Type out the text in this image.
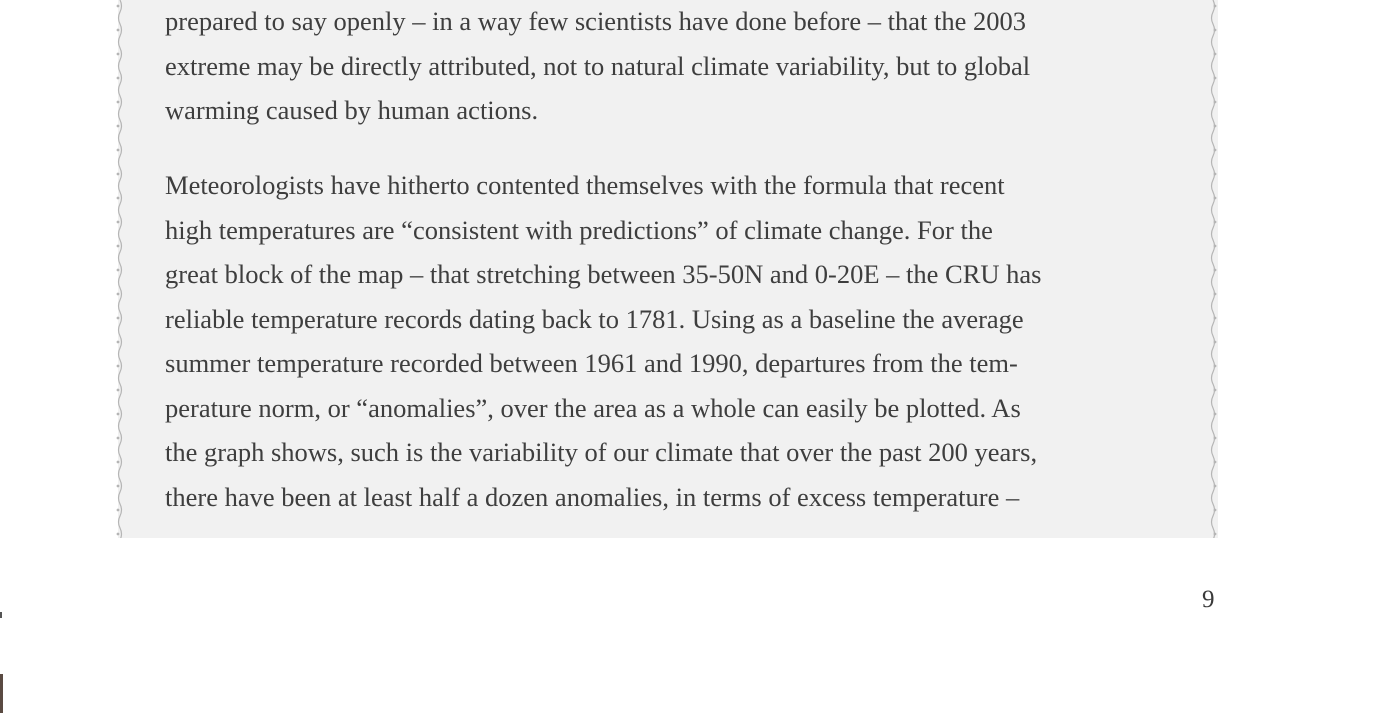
prepared to say openly – in a way few scientists have done before – that the 2003
extreme may be directly attributed, not to natural climate variability, but to global
warming caused by human actions.

Meteorologists have hitherto contented themselves with the formula that recent
high temperatures are “consistent with predictions” of climate change. For the
great block of the map – that stretching between 35-50N and 0-20E – the CRU has
reliable temperature records dating back to 1781. Using as a baseline the average
summer temperature recorded between 1961 and 1990, departures from the tem-
perature norm, or “anomalies”, over the area as a whole can easily be plotted. As
the graph shows, such is the variability of our climate that over the past 200 years,
there have been at least half a dozen anomalies, in terms of excess temperature –

9
